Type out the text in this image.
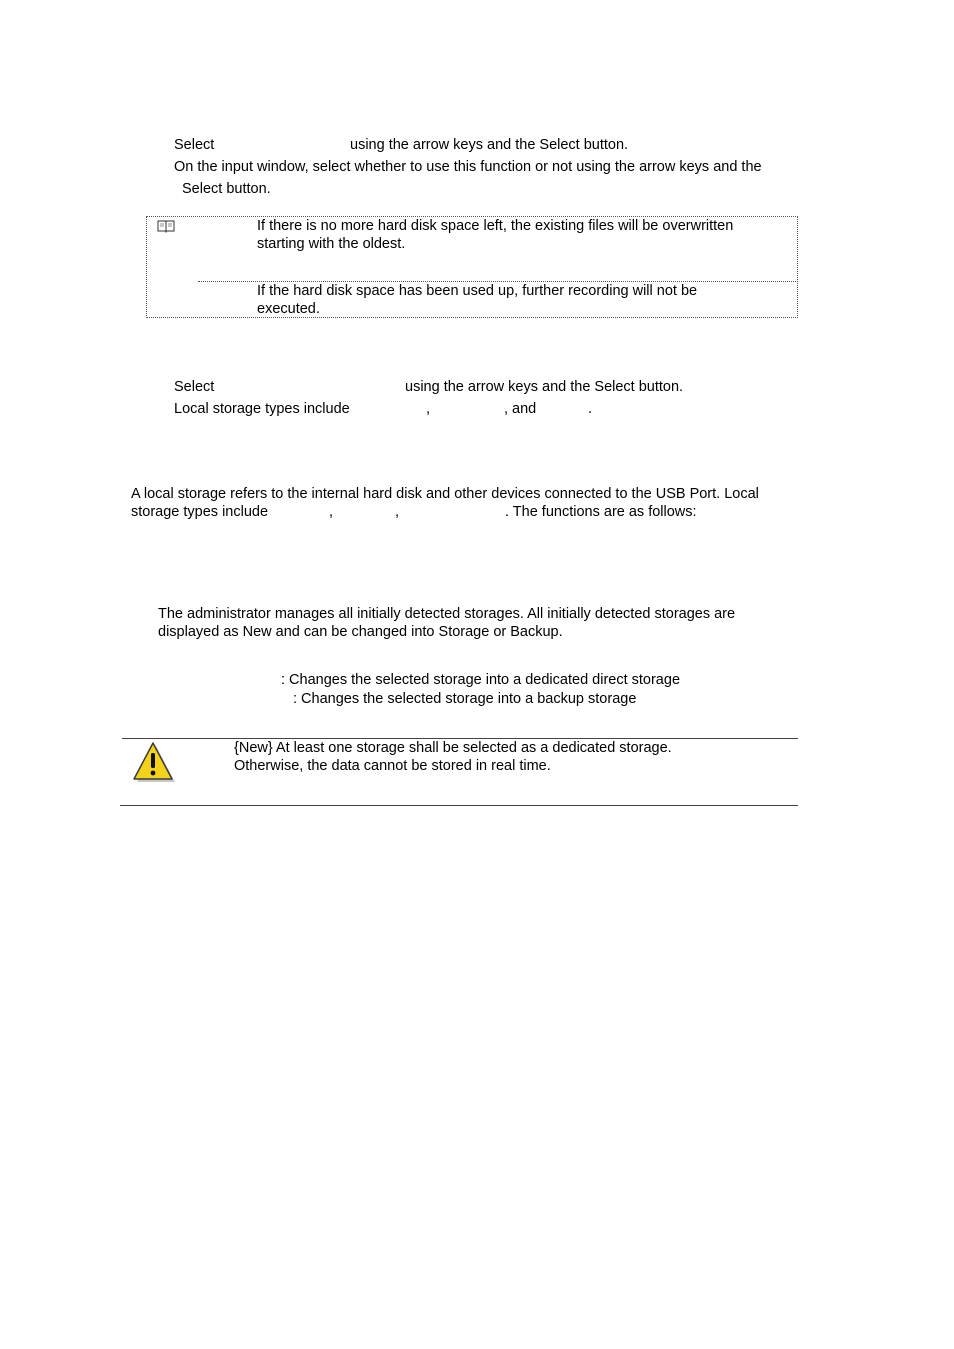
Select	using the arrow keys and the Select button.
On the input window, select whether to use this function or not using the arrow keys and the
Select button.
If there is no more hard disk space left, the existing files will be overwritten
starting with the oldest.
If the hard disk space has been used up, further recording will not be
executed.
Select	using the arrow keys and the Select button.
Local storage types include	,	, and	.
A local storage refers to the internal hard disk and other devices connected to the USB Port. Local
storage types include	,	,	. The functions are as follows:
The administrator manages all initially detected storages. All initially detected storages are
displayed as New and can be changed into Storage or Backup.
: Changes the selected storage into a dedicated direct storage
: Changes the selected storage into a backup storage
{New} At least one storage shall be selected as a dedicated storage.
Otherwise, the data cannot be stored in real time.
